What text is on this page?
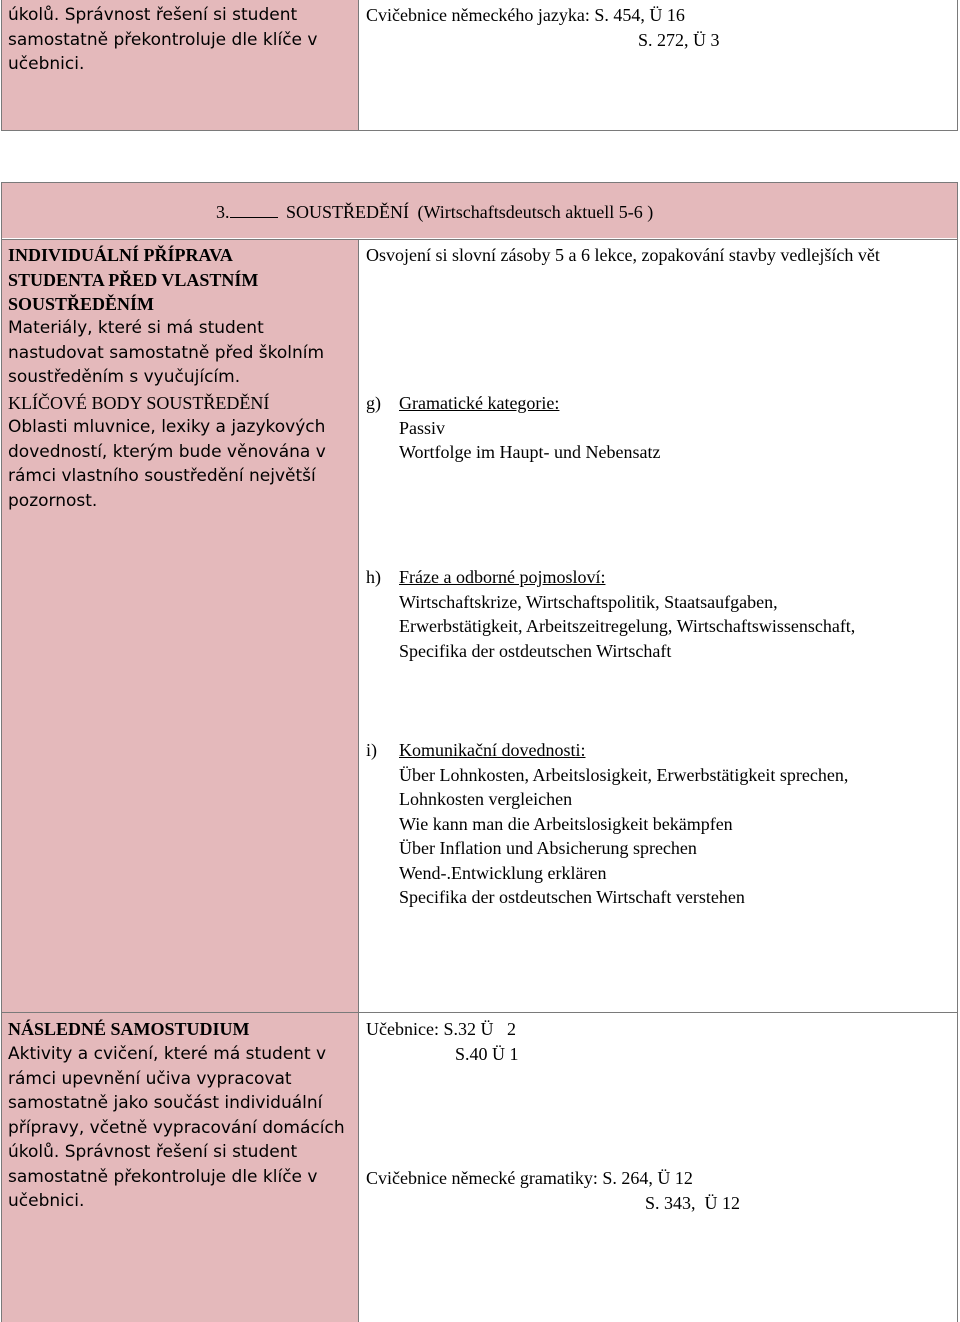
úkolů. Správnost řešení si student samostatně překontroluje dle klíče v učebnici.
Cvičebnice německého jazyka: S. 454, Ü 16
S. 272, Ü 3
3.	SOUSTŘEDĚNÍ (Wirtschaftsdeutsch aktuell 5-6 )
INDIVIDUÁLNÍ PŘÍPRAVA
STUDENTA PŘED VLASTNÍM
SOUSTŘEDĚNÍM
Materiály, které si má student nastudovat samostatně před školním soustředěním s vyučujícím.
KLÍČOVÉ BODY SOUSTŘEDĚNÍ
Oblasti mluvnice, lexiky a jazykových dovedností, kterým bude věnována v rámci vlastního soustředění největší pozornost.
Osvojení si slovní zásoby 5 a 6 lekce, zopakování stavby vedlejších vět
g) Gramatické kategorie:
Passiv
Wortfolge im Haupt- und Nebensatz
h) Fráze a odborné pojmosloví:
Wirtschaftskrize, Wirtschaftspolitik, Staatsaufgaben,
Erwerbstätigkeit, Arbeitszeitregelung, Wirtschaftswissenschaft,
Specifika der ostdeutschen Wirtschaft
i) Komunikační dovednosti:
Über Lohnkosten, Arbeitslosigkeit, Erwerbstätigkeit sprechen,
Lohnkosten vergleichen
Wie kann man die Arbeitslosigkeit bekämpfen
Über Inflation und Absicherung sprechen
Wend-.Entwicklung erklären
Specifika der ostdeutschen Wirtschaft verstehen
NÁSLEDNÉ SAMOSTUDIUM
Aktivity a cvičení, které má student v rámci upevnění učiva vypracovat samostatně jako součást individuální přípravy, včetně vypracování domácích úkolů. Správnost řešení si student samostatně překontroluje dle klíče v učebnici.
Učebnice: S.32 Ü   2
S.40 Ü 1
Cvičebnice německé gramatiky: S. 264, Ü 12
S. 343,  Ü 12
